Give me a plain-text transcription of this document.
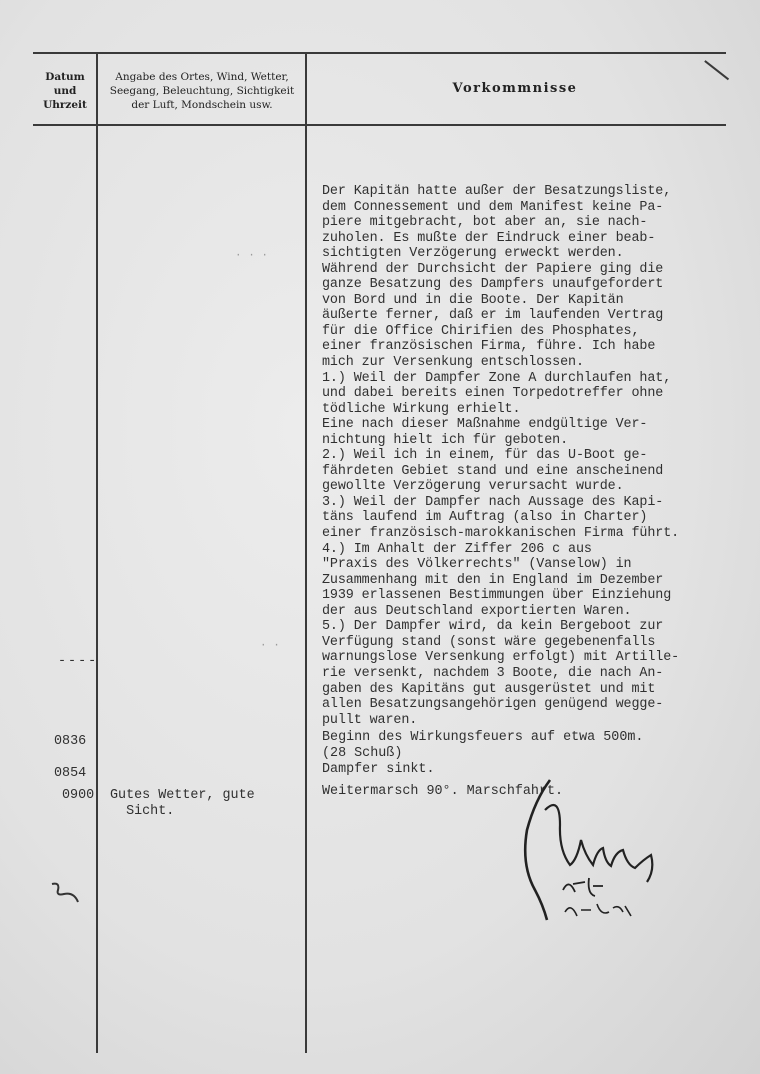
Datum
und
Uhrzeit
Angabe des Ortes, Wind, Wetter,
Seegang, Beleuchtung, Sichtigkeit
der Luft, Mondschein usw.
Vorkommnisse
· · ·
· ·
----
Der Kapitän hatte außer der Besatzungsliste,
dem Connessement und dem Manifest keine Pa-
piere mitgebracht, bot aber an, sie nach-
zuholen. Es mußte der Eindruck einer beab-
sichtigten Verzögerung erweckt werden.
Während der Durchsicht der Papiere ging die
ganze Besatzung des Dampfers unaufgefordert
von Bord und in die Boote. Der Kapitän
äußerte ferner, daß er im laufenden Vertrag
für die Office Chirifien des Phosphates,
einer französischen Firma, führe. Ich habe
mich zur Versenkung entschlossen.
1.) Weil der Dampfer Zone A durchlaufen hat,
und dabei bereits einen Torpedotreffer ohne
tödliche Wirkung erhielt.
Eine nach dieser Maßnahme endgültige Ver-
nichtung hielt ich für geboten.
2.) Weil ich in einem, für das U-Boot ge-
fährdeten Gebiet stand und eine anscheinend
gewollte Verzögerung verursacht wurde.
3.) Weil der Dampfer nach Aussage des Kapi-
täns laufend im Auftrag (also in Charter)
einer französisch-marokkanischen Firma führt.
4.) Im Anhalt der Ziffer 206 c aus
"Praxis des Völkerrechts" (Vanselow) in
Zusammenhang mit den in England im Dezember
1939 erlassenen Bestimmungen über Einziehung
der aus Deutschland exportierten Waren.
5.) Der Dampfer wird, da kein Bergeboot zur
Verfügung stand (sonst wäre gegebenenfalls
warnungslose Versenkung erfolgt) mit Artille-
rie versenkt, nachdem 3 Boote, die nach An-
gaben des Kapitäns gut ausgerüstet und mit
allen Besatzungsangehörigen genügend wegge-
pullt waren.
0836	Beginn des Wirkungsfeuers auf etwa 500m.
(28 Schuß)
0854	Dampfer sinkt.
0900 Gutes Wetter, gute
Sicht.
Weitermarsch 90°. Marschfahrt.
